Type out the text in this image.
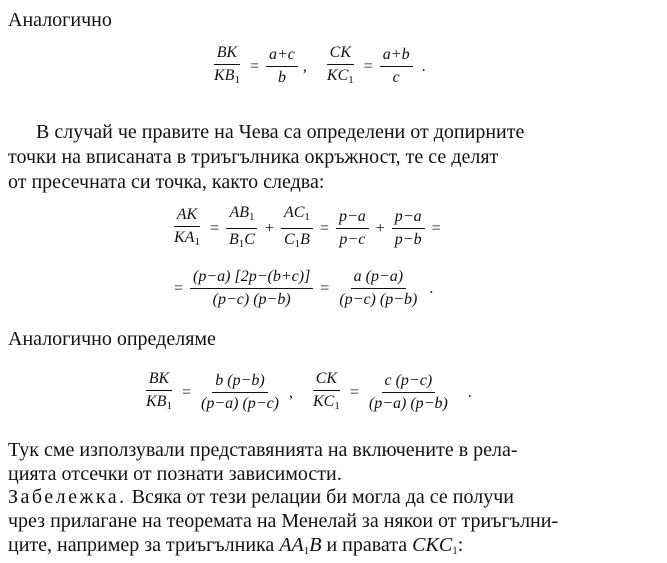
Аналогично
$\frac{BK}{KB_1} = \frac{a+c}{b}$ , $\frac{CK}{KC_1} = \frac{a+b}{c}$ .
В случай че правите на Чева са определени от допирните
точки на вписаната в триъгълника окръжност, те се делят
от пресечната си точка, както следва:
$\frac{AK}{KA_1} = \frac{AB_1}{B_1C} + \frac{AC_1}{C_1B} = \frac{p-a}{p-c} + \frac{p-a}{p-b}$ =
= $\frac{(p-a) [2p-(b+c)]}{(p-c) (p-b)} = \frac{a (p-a)}{(p-c) (p-b)}$ .
Аналогично определяме
$\frac{BK}{KB_1} = \frac{b (p-b)}{(p-a) (p-c)}$ , $\frac{CK}{KC_1} = \frac{c (p-c)}{(p-a) (p-b)}$ .
Тук сме използували представянията на включените в рела-
цията отсечки от познати зависимости.
Забележка. Всяка от тези релации би могла да се получи
чрез прилагане на теоремата на Менелай за някои от триъгълни-
ците, например за триъгълника $AA_1B$ и правата $CKC_1$:
